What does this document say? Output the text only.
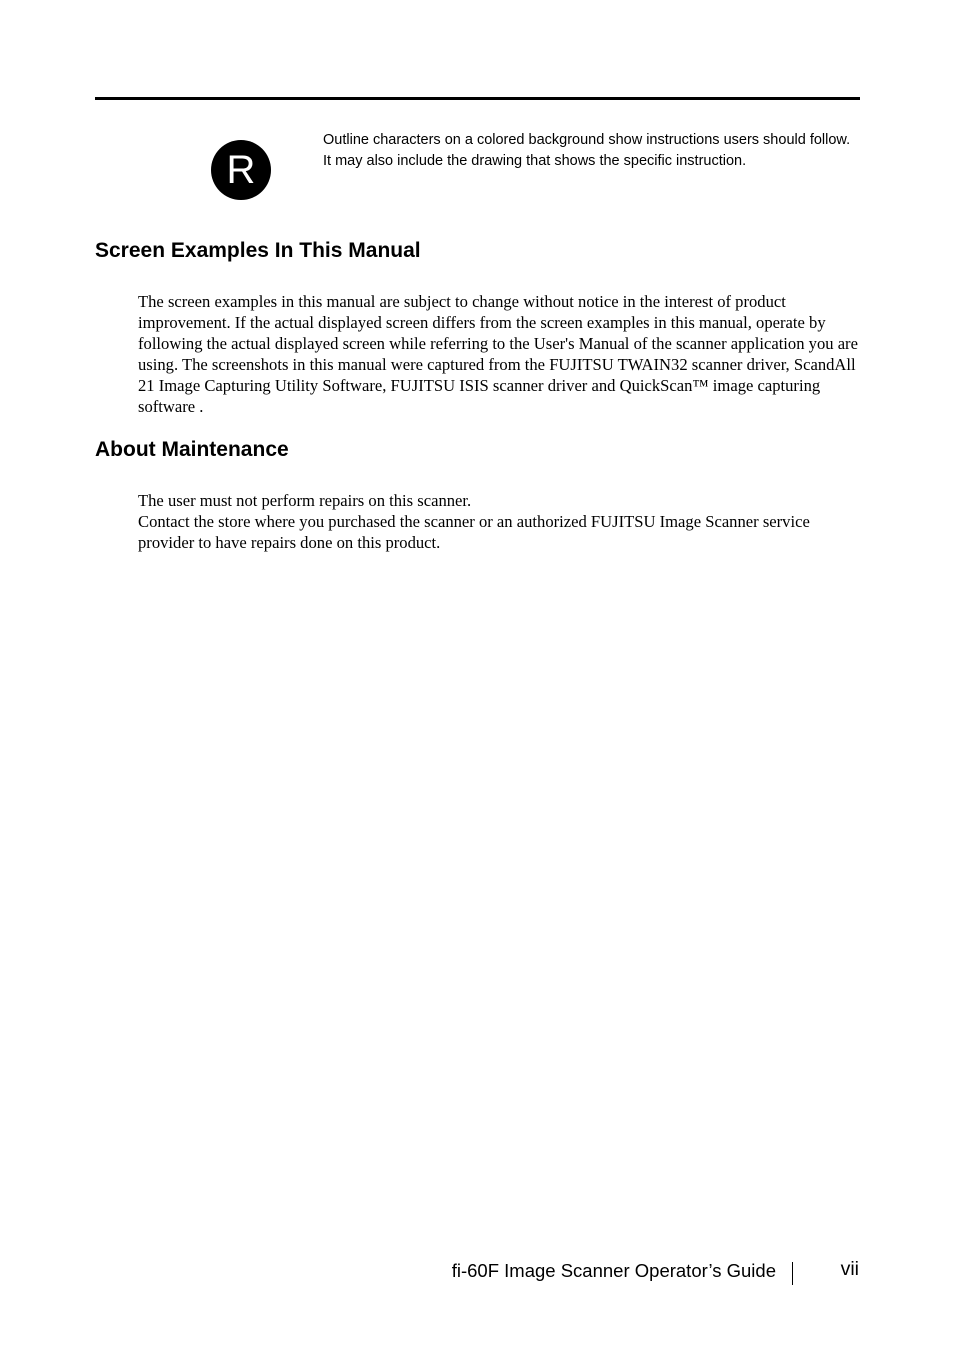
R

Outline characters on a colored background show instructions users should follow.

It may also include the drawing that shows the specific instruction.

Screen Examples In This Manual

The screen examples in this manual are subject to change without notice in the interest of product improvement. If the actual displayed screen differs from the screen examples in this manual, operate by following the actual displayed screen while referring to the User's Manual of the scanner application you are using. The screenshots in this manual were captured from the FUJITSU TWAIN32 scanner driver, ScandAll 21 Image Capturing Utility Software, FUJITSU ISIS scanner driver and QuickScan™ image capturing software .

About Maintenance

The user must not perform repairs on this scanner.

Contact the store where you purchased the scanner or an authorized FUJITSU Image Scanner service provider to have repairs done on this product.

fi-60F Image Scanner Operator’s Guide	vii
